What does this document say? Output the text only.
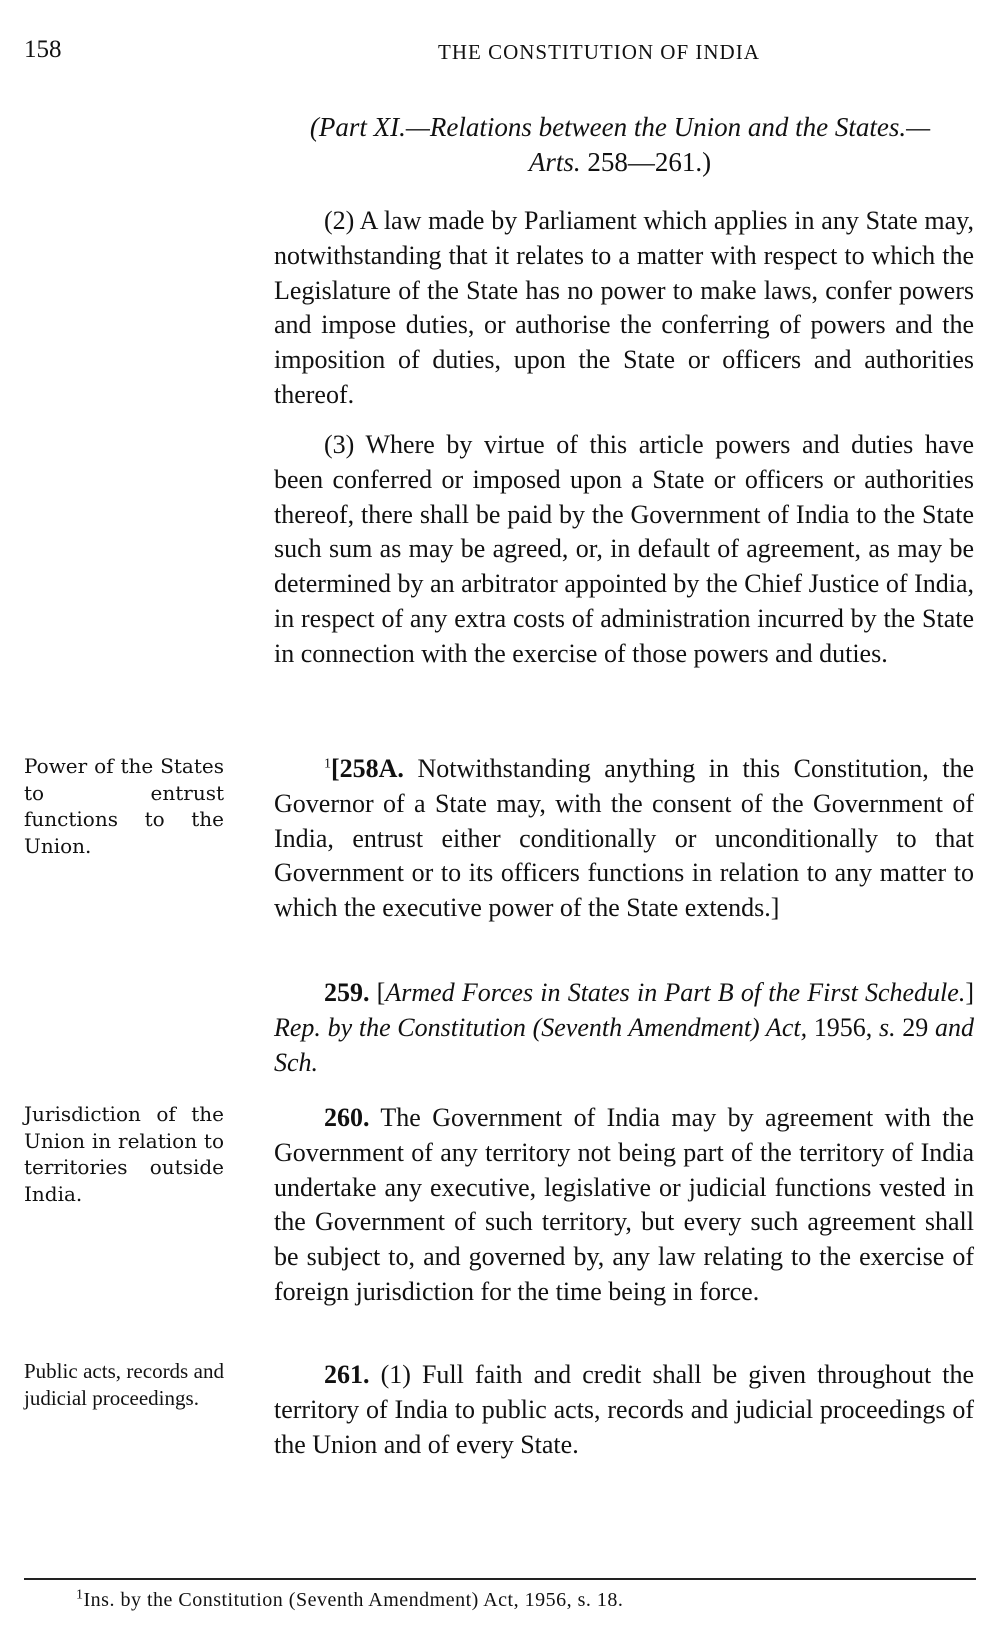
158	THE CONSTITUTION OF INDIA
(Part XI.—Relations between the Union and the States.—
Arts. 258—261.)
(2) A law made by Parliament which applies in any State may, notwithstanding that it relates to a matter with respect to which the Legislature of the State has no power to make laws, confer powers and impose duties, or authorise the conferring of powers and the imposition of duties, upon the State or officers and authorities thereof.
(3) Where by virtue of this article powers and duties have been conferred or imposed upon a State or officers or authorities thereof, there shall be paid by the Government of India to the State such sum as may be agreed, or, in default of agreement, as may be determined by an arbitrator appointed by the Chief Justice of India, in respect of any extra costs of administration incurred by the State in connection with the exercise of those powers and duties.
Power of the States to entrust functions to the Union.
$^1$[258A. Notwithstanding anything in this Constitution, the Governor of a State may, with the consent of the Government of India, entrust either conditionally or unconditionally to that Government or to its officers functions in relation to any matter to which the executive power of the State extends.]
259. [Armed Forces in States in Part B of the First Schedule.] Rep. by the Constitution (Seventh Amendment) Act, 1956, s. 29 and Sch.
Jurisdiction of the Union in relation to territories outside India.
260. The Government of India may by agreement with the Government of any territory not being part of the territory of India undertake any executive, legislative or judicial functions vested in the Government of such territory, but every such agreement shall be subject to, and governed by, any law relating to the exercise of foreign jurisdiction for the time being in force.
Public acts, records and judicial proceedings.
261. (1) Full faith and credit shall be given throughout the territory of India to public acts, records and judicial proceedings of the Union and of every State.
$^1$Ins. by the Constitution (Seventh Amendment) Act, 1956, s. 18.
